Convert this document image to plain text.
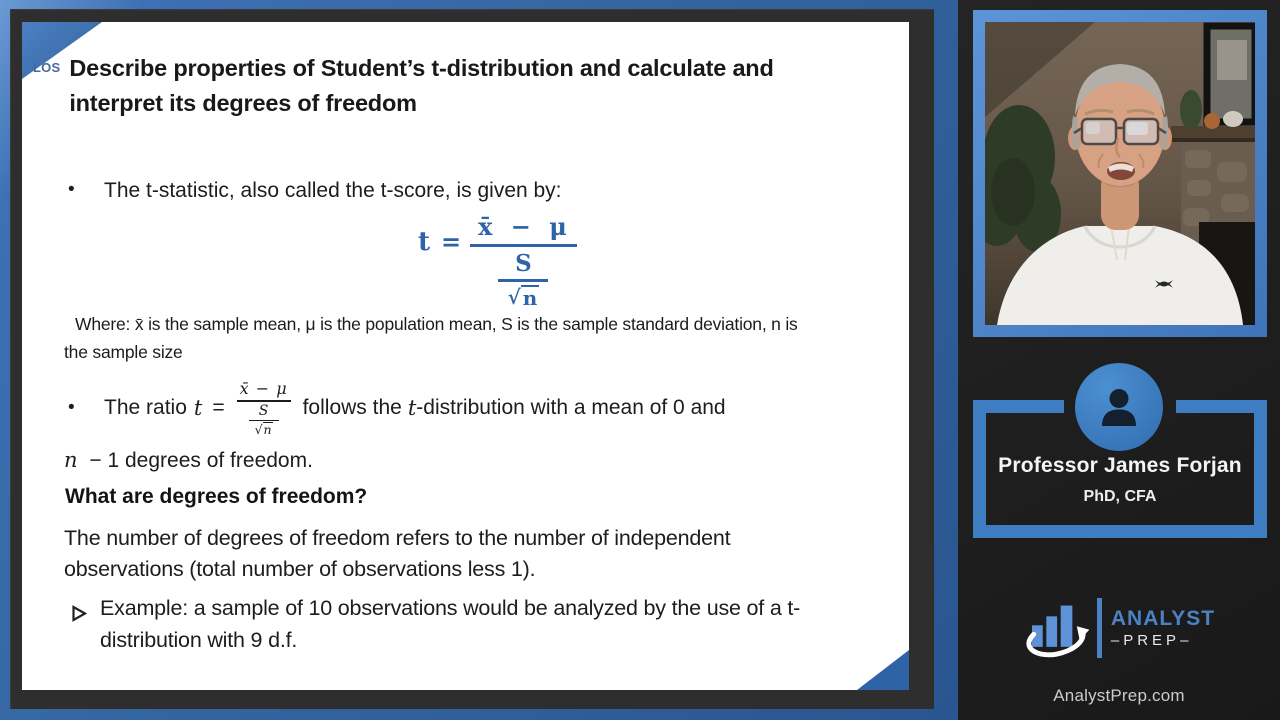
LOS Describe properties of Student’s t-distribution and calculate and
interpret its degrees of freedom
•	The t-statistic, also called the t-score, is given by:
t =
x̄ − μ
S
√ n
Where: x̄ is the sample mean, μ is the population mean, S is the sample standard deviation, n is
the sample size
•	The ratio t =
x̄ − μ
S
√ n
follows the t -distribution with a mean of 0 and
n − 1 degrees of freedom.
What are degrees of freedom?
The number of degrees of freedom refers to the number of independent
observations (total number of observations less 1).
Example: a sample of 10 observations would be analyzed by the use of a t-
distribution with 9 d.f.
Professor James Forjan
PhD, CFA
ANALYST
–PREP–
AnalystPrep.com
